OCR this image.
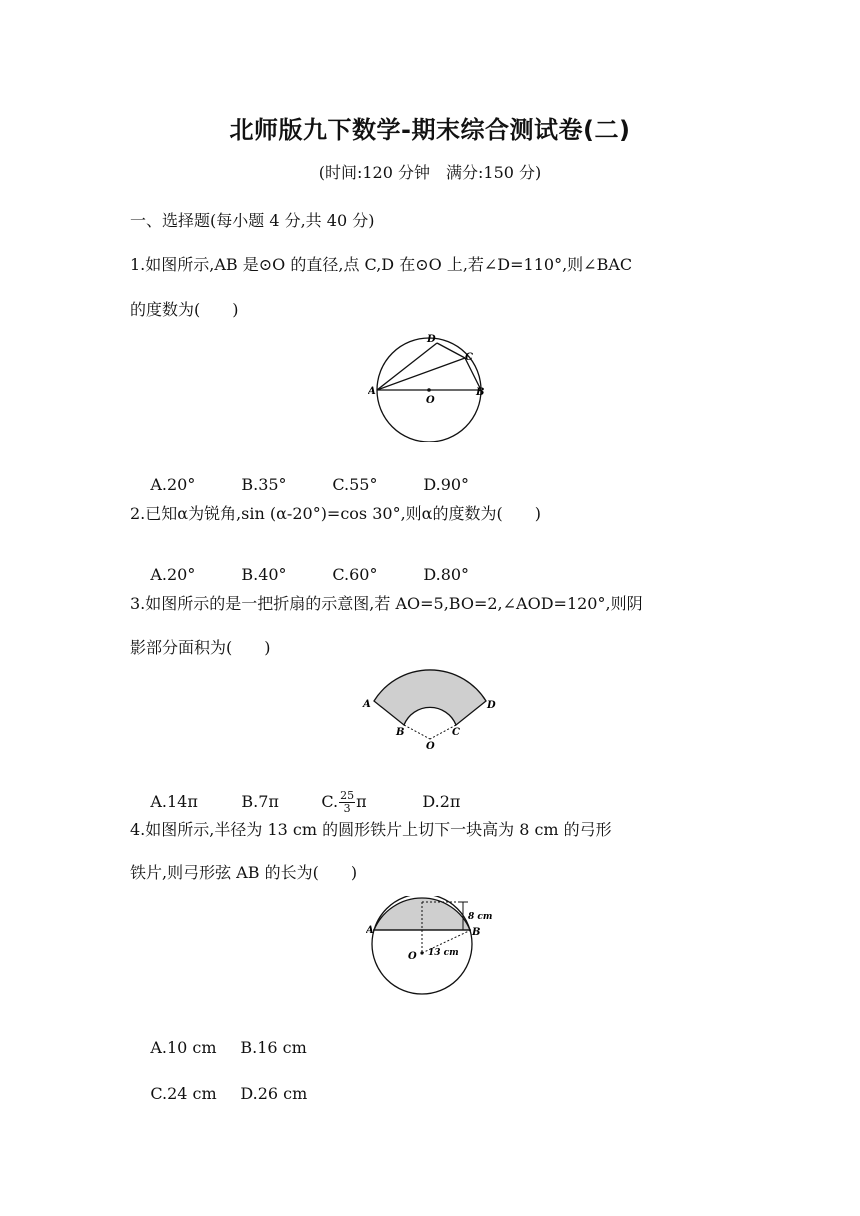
北师版九下数学-期末综合测试卷(二)
(时间:120 分钟　满分:150 分)
一、选择题(每小题 4 分,共 40 分)
1.如图所示,AB 是⊙O 的直径,点 C,D 在⊙O 上,若∠D=110°,则∠BAC
的度数为(　　)
D
C
A	B
O

A.20°	B.35°	C.55°	D.90°

2.已知α为锐角,sin (α-20°)=cos 30°,则α的度数为(　　)

A.20°	B.40°	C.60°	D.80°

3.如图所示的是一把折扇的示意图,若 AO=5,BO=2,∠AOD=120°,则阴
影部分面积为(　　)
A	D
B	C
O

A.14π	B.7π	C. $\frac{25}{3}$ π	D.2π

4.如图所示,半径为 13 cm 的圆形铁片上切下一块高为 8 cm 的弓形
铁片,则弓形弦 AB 的长为(　　)
8 cm
13 cm
A	B
O

A.10 cm B.16 cm

C.24 cm D.26 cm
